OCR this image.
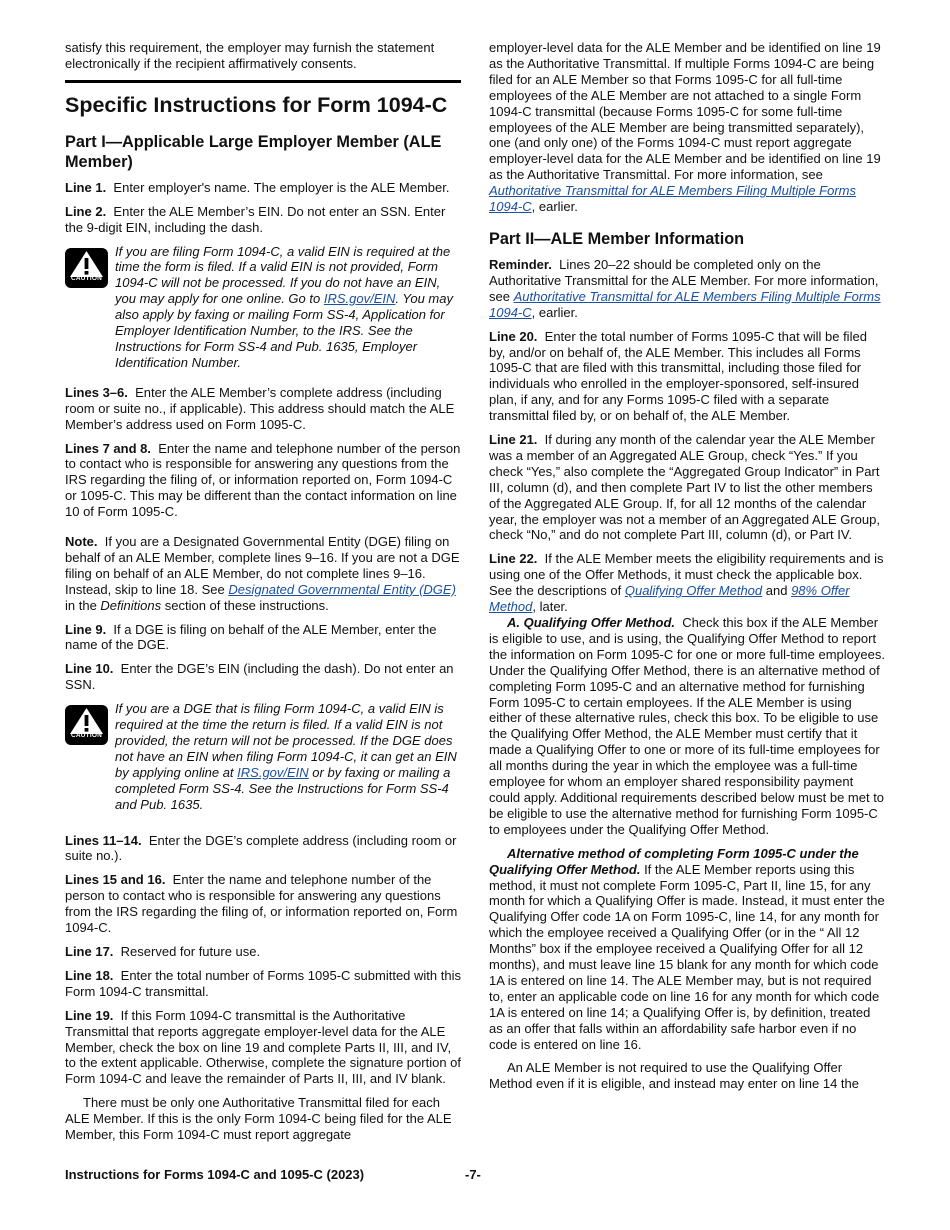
satisfy this requirement, the employer may furnish the statement electronically if the recipient affirmatively consents.

Specific Instructions for Form 1094-C
Part I—Applicable Large Employer Member (ALE Member)

Line 1. Enter employer's name. The employer is the ALE Member.

Line 2. Enter the ALE Member’s EIN. Do not enter an SSN. Enter the 9-digit EIN, including the dash.

CAUTION
If you are filing Form 1094-C, a valid EIN is required at the time the form is filed. If a valid EIN is not provided, Form 1094-C will not be processed. If you do not have an EIN, you may apply for one online. Go to IRS.gov/EIN. You may also apply by faxing or mailing Form SS-4, Application for Employer Identification Number, to the IRS. See the Instructions for Form SS-4 and Pub. 1635, Employer Identification Number.

Lines 3–6. Enter the ALE Member’s complete address (including room or suite no., if applicable). This address should match the ALE Member’s address used on Form 1095-C.

Lines 7 and 8. Enter the name and telephone number of the person to contact who is responsible for answering any questions from the IRS regarding the filing of, or information reported on, Form 1094-C or 1095-C. This may be different than the contact information on line 10 of Form 1095-C.

Note. If you are a Designated Governmental Entity (DGE) filing on behalf of an ALE Member, complete lines 9–16. If you are not a DGE filing on behalf of an ALE Member, do not complete lines 9–16. Instead, skip to line 18. See Designated Governmental Entity (DGE) in the Definitions section of these instructions.

Line 9. If a DGE is filing on behalf of the ALE Member, enter the name of the DGE.

Line 10. Enter the DGE’s EIN (including the dash). Do not enter an SSN.

CAUTION
If you are a DGE that is filing Form 1094-C, a valid EIN is required at the time the return is filed. If a valid EIN is not provided, the return will not be processed. If the DGE does not have an EIN when filing Form 1094-C, it can get an EIN by applying online at IRS.gov/EIN or by faxing or mailing a completed Form SS-4. See the Instructions for Form SS-4 and Pub. 1635.

Lines 11–14. Enter the DGE’s complete address (including room or suite no.).

Lines 15 and 16. Enter the name and telephone number of the person to contact who is responsible for answering any questions from the IRS regarding the filing of, or information reported on, Form 1094-C.

Line 17. Reserved for future use.

Line 18. Enter the total number of Forms 1095-C submitted with this Form 1094-C transmittal.

Line 19. If this Form 1094-C transmittal is the Authoritative Transmittal that reports aggregate employer-level data for the ALE Member, check the box on line 19 and complete Parts II, III, and IV, to the extent applicable. Otherwise, complete the signature portion of Form 1094-C and leave the remainder of Parts II, III, and IV blank.

There must be only one Authoritative Transmittal filed for each ALE Member. If this is the only Form 1094-C being filed for the ALE Member, this Form 1094-C must report aggregate

employer-level data for the ALE Member and be identified on line 19 as the Authoritative Transmittal. If multiple Forms 1094-C are being filed for an ALE Member so that Forms 1095-C for all full-time employees of the ALE Member are not attached to a single Form 1094-C transmittal (because Forms 1095-C for some full-time employees of the ALE Member are being transmitted separately), one (and only one) of the Forms 1094-C must report aggregate employer-level data for the ALE Member and be identified on line 19 as the Authoritative Transmittal. For more information, see Authoritative Transmittal for ALE Members Filing Multiple Forms 1094-C, earlier.

Part II—ALE Member Information

Reminder. Lines 20–22 should be completed only on the Authoritative Transmittal for the ALE Member. For more information, see Authoritative Transmittal for ALE Members Filing Multiple Forms 1094-C, earlier.

Line 20. Enter the total number of Forms 1095-C that will be filed by, and/or on behalf of, the ALE Member. This includes all Forms 1095-C that are filed with this transmittal, including those filed for individuals who enrolled in the employer-sponsored, self-insured plan, if any, and for any Forms 1095-C filed with a separate transmittal filed by, or on behalf of, the ALE Member.

Line 21. If during any month of the calendar year the ALE Member was a member of an Aggregated ALE Group, check “Yes.” If you check “Yes,” also complete the “Aggregated Group Indicator” in Part III, column (d), and then complete Part IV to list the other members of the Aggregated ALE Group. If, for all 12 months of the calendar year, the employer was not a member of an Aggregated ALE Group, check “No,” and do not complete Part III, column (d), or Part IV.

Line 22. If the ALE Member meets the eligibility requirements and is using one of the Offer Methods, it must check the applicable box. See the descriptions of Qualifying Offer Method and 98% Offer Method, later.

A. Qualifying Offer Method. Check this box if the ALE Member is eligible to use, and is using, the Qualifying Offer Method to report the information on Form 1095-C for one or more full-time employees. Under the Qualifying Offer Method, there is an alternative method of completing Form 1095-C and an alternative method for furnishing Form 1095-C to certain employees. If the ALE Member is using either of these alternative rules, check this box. To be eligible to use the Qualifying Offer Method, the ALE Member must certify that it made a Qualifying Offer to one or more of its full-time employees for all months during the year in which the employee was a full-time employee for whom an employer shared responsibility payment could apply. Additional requirements described below must be met to be eligible to use the alternative method for furnishing Form 1095-C to employees under the Qualifying Offer Method.

Alternative method of completing Form 1095-C under the Qualifying Offer Method. If the ALE Member reports using this method, it must not complete Form 1095-C, Part II, line 15, for any month for which a Qualifying Offer is made. Instead, it must enter the Qualifying Offer code 1A on Form 1095-C, line 14, for any month for which the employee received a Qualifying Offer (or in the “ All 12 Months” box if the employee received a Qualifying Offer for all 12 months), and must leave line 15 blank for any month for which code 1A is entered on line 14. The ALE Member may, but is not required to, enter an applicable code on line 16 for any month for which code 1A is entered on line 14; a Qualifying Offer is, by definition, treated as an offer that falls within an affordability safe harbor even if no code is entered on line 16.

An ALE Member is not required to use the Qualifying Offer Method even if it is eligible, and instead may enter on line 14 the

Instructions for Forms 1094-C and 1095-C (2023)	-7-
